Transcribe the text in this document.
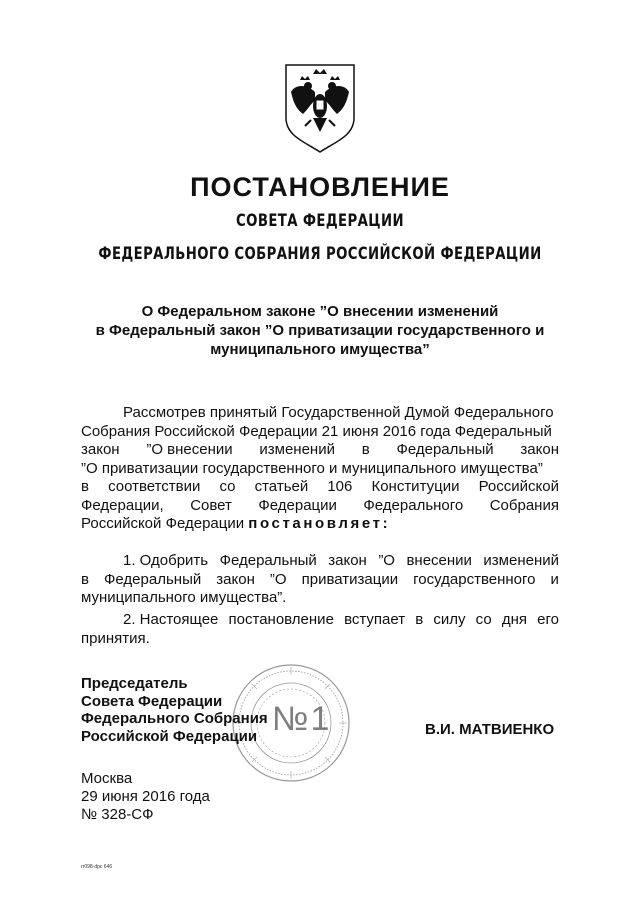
ПОСТАНОВЛЕНИЕ
СОВЕТА ФЕДЕРАЦИИ
ФЕДЕРАЛЬНОГО СОБРАНИЯ РОССИЙСКОЙ ФЕДЕРАЦИИ
О Федеральном законе ”О внесении изменений
в Федеральный закон ”О приватизации государственного и
муниципального имущества”
Рассмотрев принятый Государственной Думой Федерального
Собрания Российской Федерации 21 июня 2016 года Федеральный
закон ”О внесении изменений в Федеральный закон
”О приватизации государственного и муниципального имущества”
в соответствии со статьей 106 Конституции Российской
Федерации, Совет Федерации Федерального Собрания
Российской Федерации постановляет:
1. Одобрить Федеральный закон ”О внесении изменений
в Федеральный закон ”О приватизации государственного и
муниципального имущества”.
2. Настоящее постановление вступает в силу со дня его
принятия.
Председатель
Совета Федерации
Федерального Собрания
Российской Федерации №1	В.И. МАТВИЕНКО
Москва
29 июня 2016 года
№ 328-СФ
rr098-dpc 646
